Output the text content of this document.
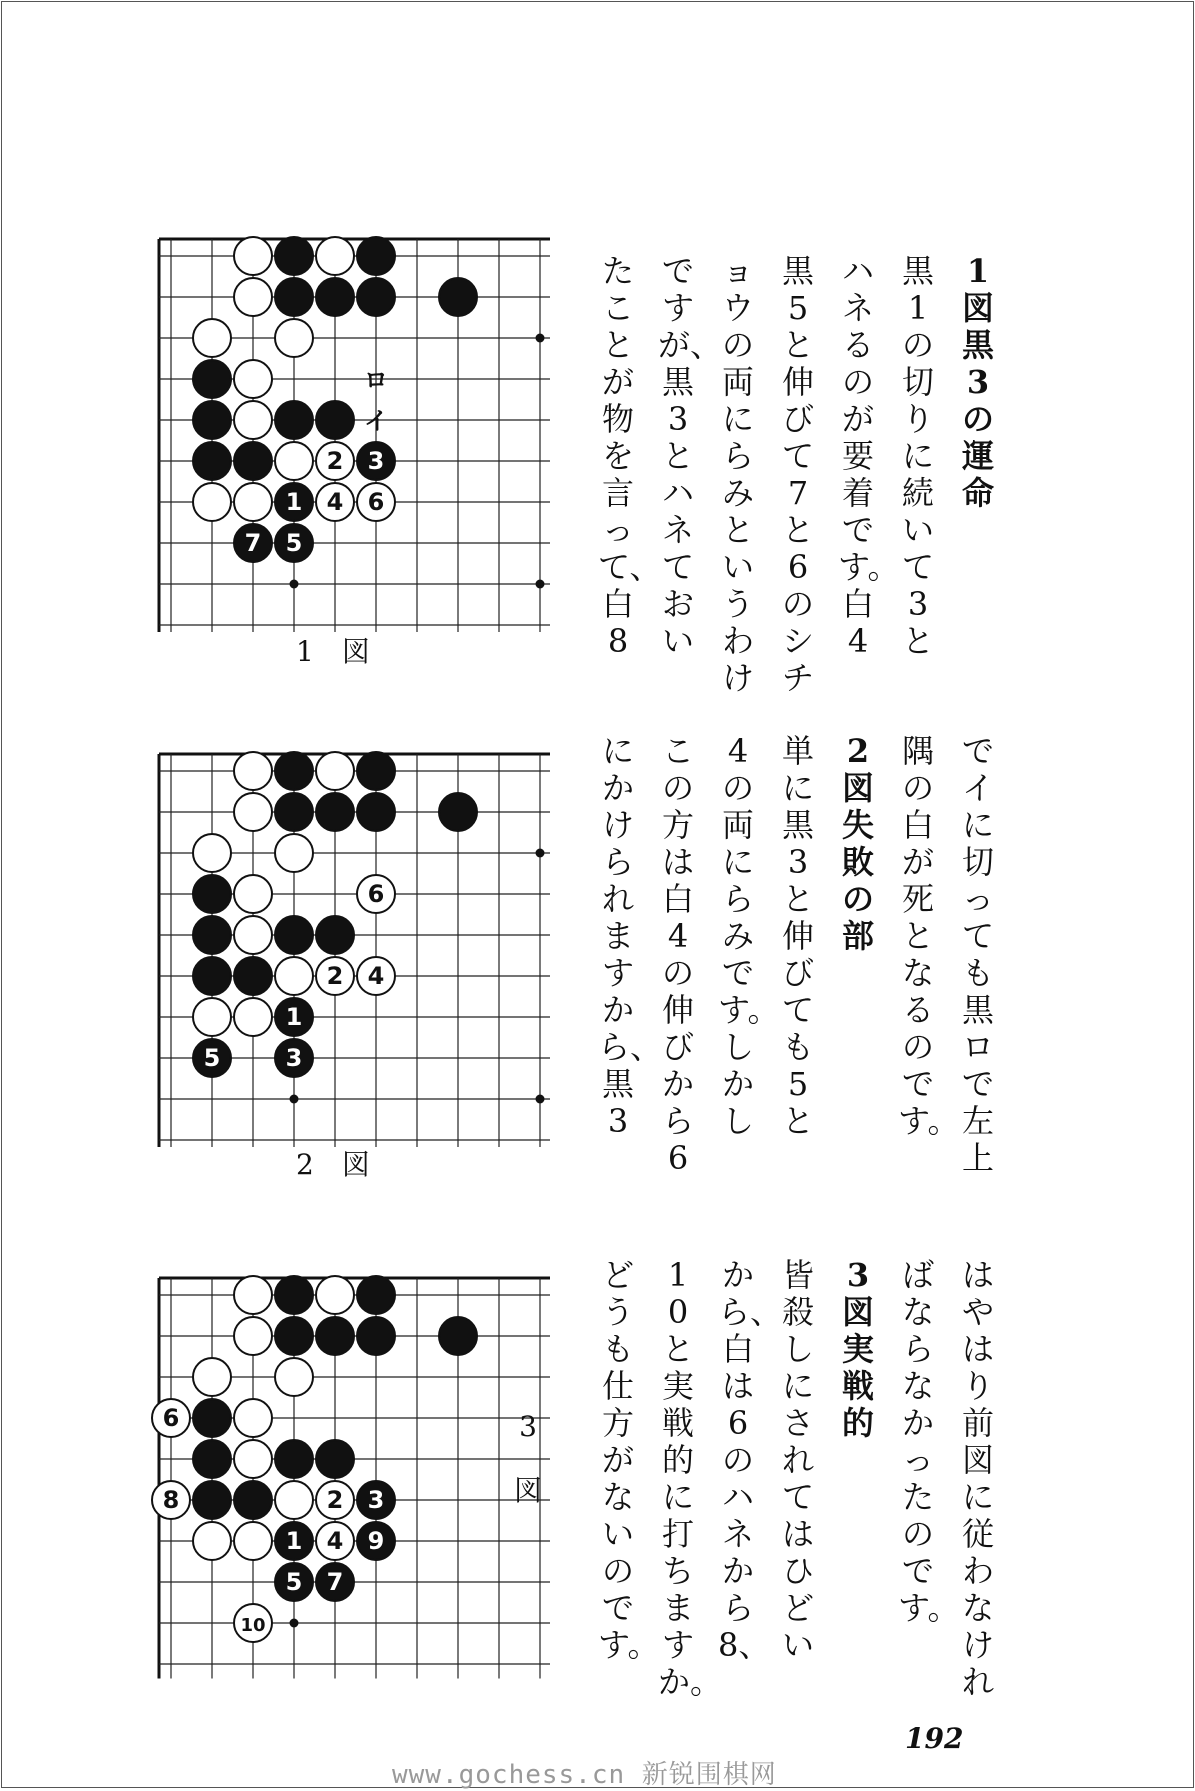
1図　黒3の運命
黒1の切りに続いて3と
ハネるのが要着です。白4
黒5と伸びて7と6のシチ
ョウの両にらみというわけ
ですが、黒3とハネてお い
たことが物を言って、白8
でイに切っても黒ロで左上
隅の白が死となるのです。
2図　失敗の部
単に黒3と伸びても5と
4の両にらみです。しかし
この方は白4の伸びから6
にかけられますから、黒3
はやはり前図に従わなけれ
ばならなかったのです。
3図　実戦的
皆殺しにされてはひどい
から、白は6のハネから8、
10と実戦的に打ちますか。
どうも仕方がないのです。
2 3
1 4 6
7 5
ロ
イ
1　図
6
2 4
1
5	3
2　図
6
8	2 3
1 4 9
5 7
10
3
図
192
www.gochess.cn 新锐围棋网
